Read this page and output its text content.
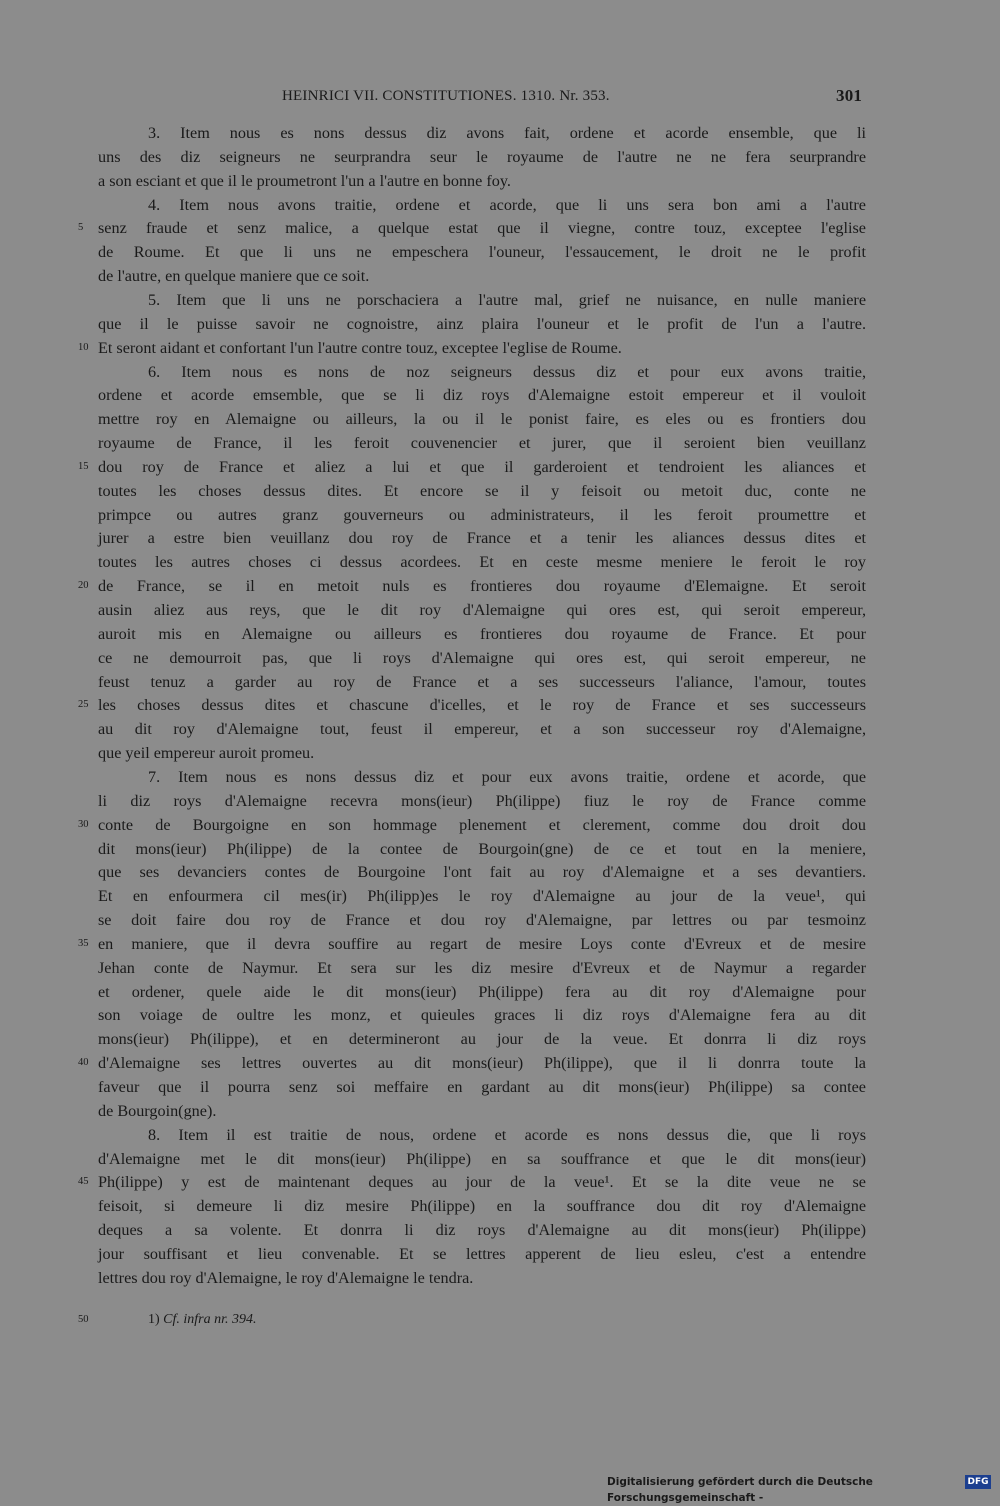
HEINRICI VII. CONSTITUTIONES. 1310. Nr. 353.	301
3. Item nous es nons dessus diz avons fait, ordene et acorde ensemble, que li
uns des diz seigneurs ne seurprandra seur le royaume de l'autre ne ne fera seurprandre
a son esciant et que il le proumetront l'un a l'autre en bonne foy.
4. Item nous avons traitie, ordene et acorde, que li uns sera bon ami a l'autre
senz fraude et senz malice, a quelque estat que il viegne, contre touz, exceptee l'eglise
5
de Roume. Et que li uns ne empeschera l'ouneur, l'essaucement, le droit ne le profit
de l'autre, en quelque maniere que ce soit.
5. Item que li uns ne porschaciera a l'autre mal, grief ne nuisance, en nulle maniere
que il le puisse savoir ne cognoistre, ainz plaira l'ouneur et le profit de l'un a l'autre.
Et seront aidant et confortant l'un l'autre contre touz, exceptee l'eglise de Roume.
10
6. Item nous es nons de noz seigneurs dessus diz et pour eux avons traitie,
ordene et acorde emsemble, que se li diz roys d'Alemaigne estoit empereur et il vouloit
mettre roy en Alemaigne ou ailleurs, la ou il le ponist faire, es eles ou es frontiers dou
royaume de France, il les feroit couvenencier et jurer, que il seroient bien veuillanz
dou roy de France et aliez a lui et que il garderoient et tendroient les aliances et
15
toutes les choses dessus dites. Et encore se il y feisoit ou metoit duc, conte ne
primpce ou autres granz gouverneurs ou administrateurs, il les feroit proumettre et
jurer a estre bien veuillanz dou roy de France et a tenir les aliances dessus dites et
toutes les autres choses ci dessus acordees. Et en ceste mesme meniere le feroit le roy
de France, se il en metoit nuls es frontieres dou royaume d'Elemaigne. Et seroit
20
ausin aliez aus reys, que le dit roy d'Alemaigne qui ores est, qui seroit empereur,
auroit mis en Alemaigne ou ailleurs es frontieres dou royaume de France. Et pour
ce ne demourroit pas, que li roys d'Alemaigne qui ores est, qui seroit empereur, ne
feust tenuz a garder au roy de France et a ses successeurs l'aliance, l'amour, toutes
les choses dessus dites et chascune d'icelles, et le roy de France et ses successeurs
25
au dit roy d'Alemaigne tout, feust il empereur, et a son successeur roy d'Alemaigne,
que yeil empereur auroit promeu.
7. Item nous es nons dessus diz et pour eux avons traitie, ordene et acorde, que
li diz roys d'Alemaigne recevra mons(ieur) Ph(ilippe) fiuz le roy de France comme
conte de Bourgoigne en son hommage plenement et clerement, comme dou droit dou
30
dit mons(ieur) Ph(ilippe) de la contee de Bourgoin(gne) de ce et tout en la meniere,
que ses devanciers contes de Bourgoine l'ont fait au roy d'Alemaigne et a ses devantiers.
Et en enfourmera cil mes(ir) Ph(ilipp)es le roy d'Alemaigne au jour de la veue¹, qui
se doit faire dou roy de France et dou roy d'Alemaigne, par lettres ou par tesmoinz
en maniere, que il devra souffire au regart de mesire Loys conte d'Evreux et de mesire
35
Jehan conte de Naymur. Et sera sur les diz mesire d'Evreux et de Naymur a regarder
et ordener, quele aide le dit mons(ieur) Ph(ilippe) fera au dit roy d'Alemaigne pour
son voiage de oultre les monz, et quieules graces li diz roys d'Alemaigne fera au dit
mons(ieur) Ph(ilippe), et en determineront au jour de la veue. Et donrra li diz roys
d'Alemaigne ses lettres ouvertes au dit mons(ieur) Ph(ilippe), que il li donrra toute la
40
faveur que il pourra senz soi meffaire en gardant au dit mons(ieur) Ph(ilippe) sa contee
de Bourgoin(gne).
8. Item il est traitie de nous, ordene et acorde es nons dessus die, que li roys
d'Alemaigne met le dit mons(ieur) Ph(ilippe) en sa souffrance et que le dit mons(ieur)
Ph(ilippe) y est de maintenant deques au jour de la veue¹. Et se la dite veue ne se
45
feisoit, si demeure li diz mesire Ph(ilippe) en la souffrance dou dit roy d'Alemaigne
deques a sa volente. Et donrra li diz roys d'Alemaigne au dit mons(ieur) Ph(ilippe)
jour souffisant et lieu convenable. Et se lettres apperent de lieu esleu, c'est a entendre
lettres dou roy d'Alemaigne, le roy d'Alemaigne le tendra.
50	1) Cf. infra nr. 394.
Digitalisierung gefördert durch die Deutsche Forschungsgemeinschaft -
DFG
